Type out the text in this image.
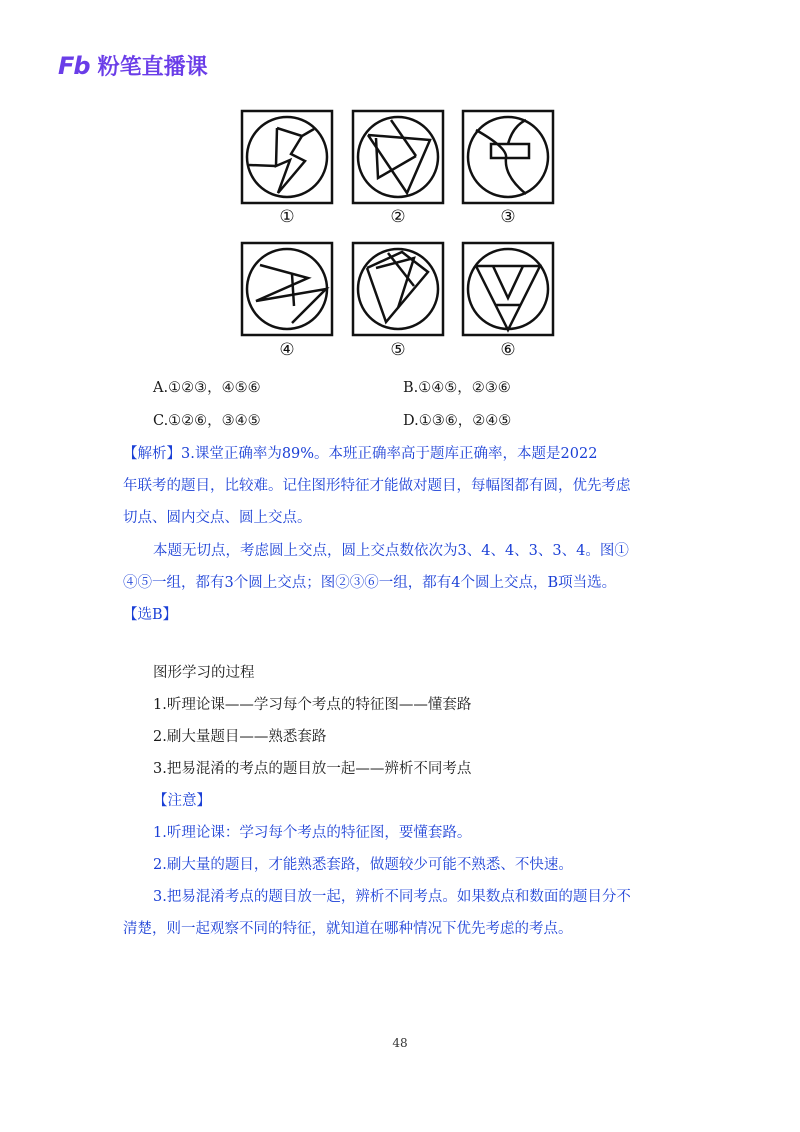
Fb 粉笔直播课
①	②	③
④	⑤	⑥
A.①②③，④⑤⑥	B.①④⑤，②③⑥
C.①②⑥，③④⑤	D.①③⑥，②④⑤
【解析】3.课堂正确率为89%。本班正确率高于题库正确率，本题是2022
年联考的题目，比较难。记住图形特征才能做对题目，每幅图都有圆，优先考虑
切点、圆内交点、圆上交点。
本题无切点，考虑圆上交点，圆上交点数依次为3、4、4、3、3、4。图①
④⑤一组，都有3个圆上交点；图②③⑥一组，都有4个圆上交点，B项当选。
【选B】
图形学习的过程
1.听理论课——学习每个考点的特征图——懂套路
2.刷大量题目——熟悉套路
3.把易混淆的考点的题目放一起——辨析不同考点
【注意】
1.听理论课：学习每个考点的特征图，要懂套路。
2.刷大量的题目，才能熟悉套路，做题较少可能不熟悉、不快速。
3.把易混淆考点的题目放一起，辨析不同考点。如果数点和数面的题目分不
清楚，则一起观察不同的特征，就知道在哪种情况下优先考虑的考点。
48
